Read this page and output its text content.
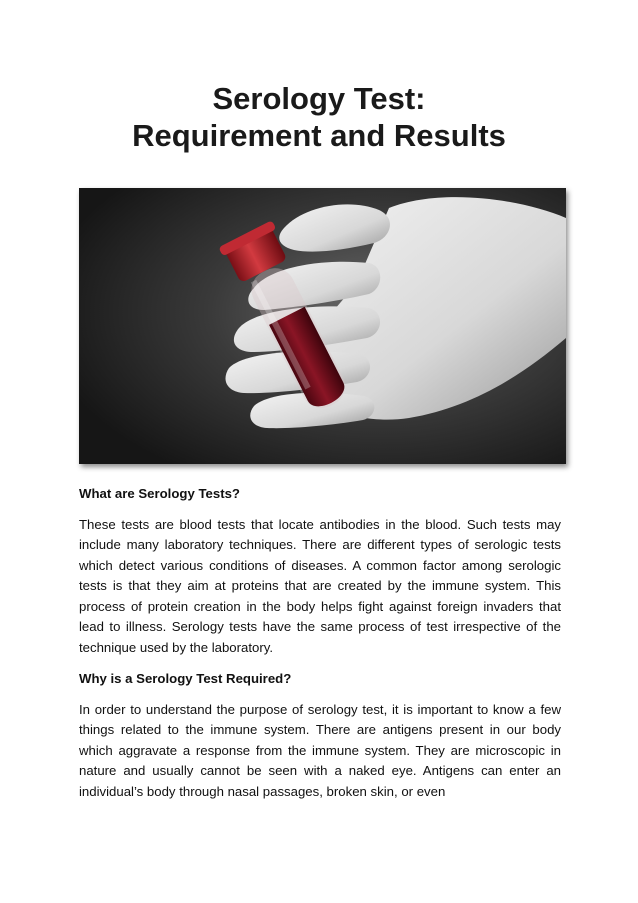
Serology Test:
Requirement and Results
What are Serology Tests?
These tests are blood tests that locate antibodies in the blood. Such tests may include many laboratory techniques. There are different types of serologic tests which detect various conditions of diseases. A common factor among serologic tests is that they aim at proteins that are created by the immune system. This process of protein creation in the body helps fight against foreign invaders that lead to illness. Serology tests have the same process of test irrespective of the technique used by the laboratory.
Why is a Serology Test Required?
In order to understand the purpose of serology test, it is important to know a few things related to the immune system. There are antigens present in our body which aggravate a response from the immune system. They are microscopic in nature and usually cannot be seen with a naked eye. Antigens can enter an individual’s body through nasal passages, broken skin, or even
